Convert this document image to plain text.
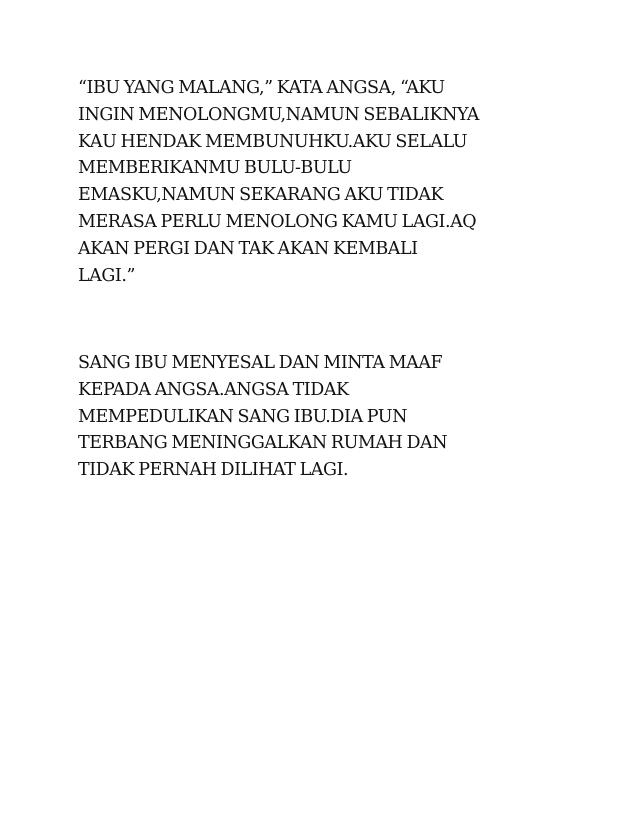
“IBU YANG MALANG,” KATA ANGSA, “AKU
INGIN MENOLONGMU,NAMUN SEBALIKNYA
KAU HENDAK MEMBUNUHKU.AKU SELALU
MEMBERIKANMU BULU-BULU
EMASKU,NAMUN SEKARANG AKU TIDAK
MERASA PERLU MENOLONG KAMU LAGI.AQ
AKAN PERGI DAN TAK AKAN KEMBALI
LAGI.”

SANG IBU MENYESAL DAN MINTA MAAF
KEPADA ANGSA.ANGSA TIDAK
MEMPEDULIKAN SANG IBU.DIA PUN
TERBANG MENINGGALKAN RUMAH DAN
TIDAK PERNAH DILIHAT LAGI.
